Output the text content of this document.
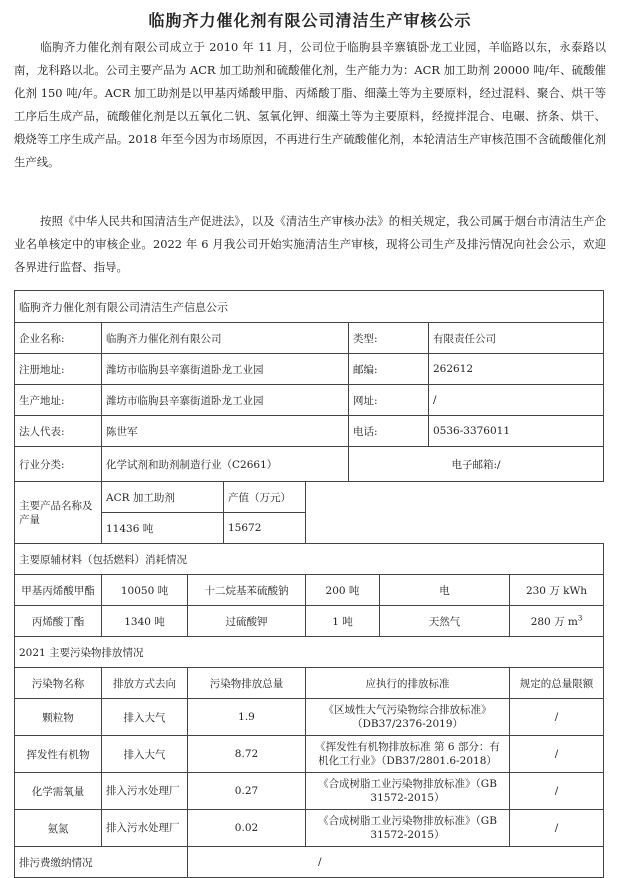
临朐齐力催化剂有限公司清洁生产审核公示

临朐齐力催化剂有限公司成立于 2010 年 11 月，公司位于临朐县辛寨镇卧龙工业园，羊临路以东，永泰路以南，龙科路以北。公司主要产品为 ACR 加工助剂和硫酸催化剂，生产能力为：ACR 加工助剂 20000 吨/年、硫酸催化剂 150 吨/年。ACR 加工助剂是以甲基丙烯酸甲脂、丙烯酸丁脂、细藻土等为主要原料，经过混料、聚合、烘干等工序后生成产品，硫酸催化剂是以五氧化二钒、氢氧化钾、细藻土等为主要原料，经搅拌混合、电碾、挤条、烘干、煅烧等工序生成产品。2018 年至今因为市场原因，不再进行生产硫酸催化剂，本轮清洁生产审核范围不含硫酸催化剂生产线。

按照《中华人民共和国清洁生产促进法》，以及《清洁生产审核办法》的相关规定，我公司属于烟台市清洁生产企业名单核定中的审核企业。2022 年 6 月我公司开始实施清洁生产审核，现将公司生产及排污情况向社会公示，欢迎各界进行监督、指导。

临朐齐力催化剂有限公司清洁生产信息公示								
企业名称:	临朐齐力催化剂有限公司				类型:		有限责任公司	
注册地址:	潍坊市临朐县辛寨街道卧龙工业园				邮编:		262612	
生产地址:	潍坊市临朐县辛寨街道卧龙工业园				网址:		/	
法人代表:	陈世军				电话:		0536-3376011	
行业分类:	化学试剂和助剂制造行业（C2661）				电子邮箱:/			
主要产品名称及产量	ACR 加工助剂		产值（万元）					
	11436 吨		15672					
主要原辅材料（包括燃料）消耗情况								
甲基丙烯酸甲酯	10050 吨	十二烷基苯硫酸钠		200 吨		电		230 万 kWh
丙烯酸丁酯	1340 吨	过硫酸钾		1 吨		天然气		280 万 $m^3$
2021 主要污染物排放情况								
污染物名称	排放方式去向	污染物排放总量		应执行的排放标准				规定的总量限额
颗粒物	排入大气	1.9		《区域性大气污染物综合排放标准》（DB37/2376-2019）				/
挥发性有机物	排入大气	8.72		《挥发性有机物排放标准 第 6 部分：有机化工行业》（DB37/2801.6-2018）				/
化学需氧量	排入污水处理厂	0.27		《合成树脂工业污染物排放标准》（GB 31572-2015）				/
氨氮	排入污水处理厂	0.02		《合成树脂工业污染物排放标准》（GB 31572-2015）				/
排污费缴纳情况		/						
